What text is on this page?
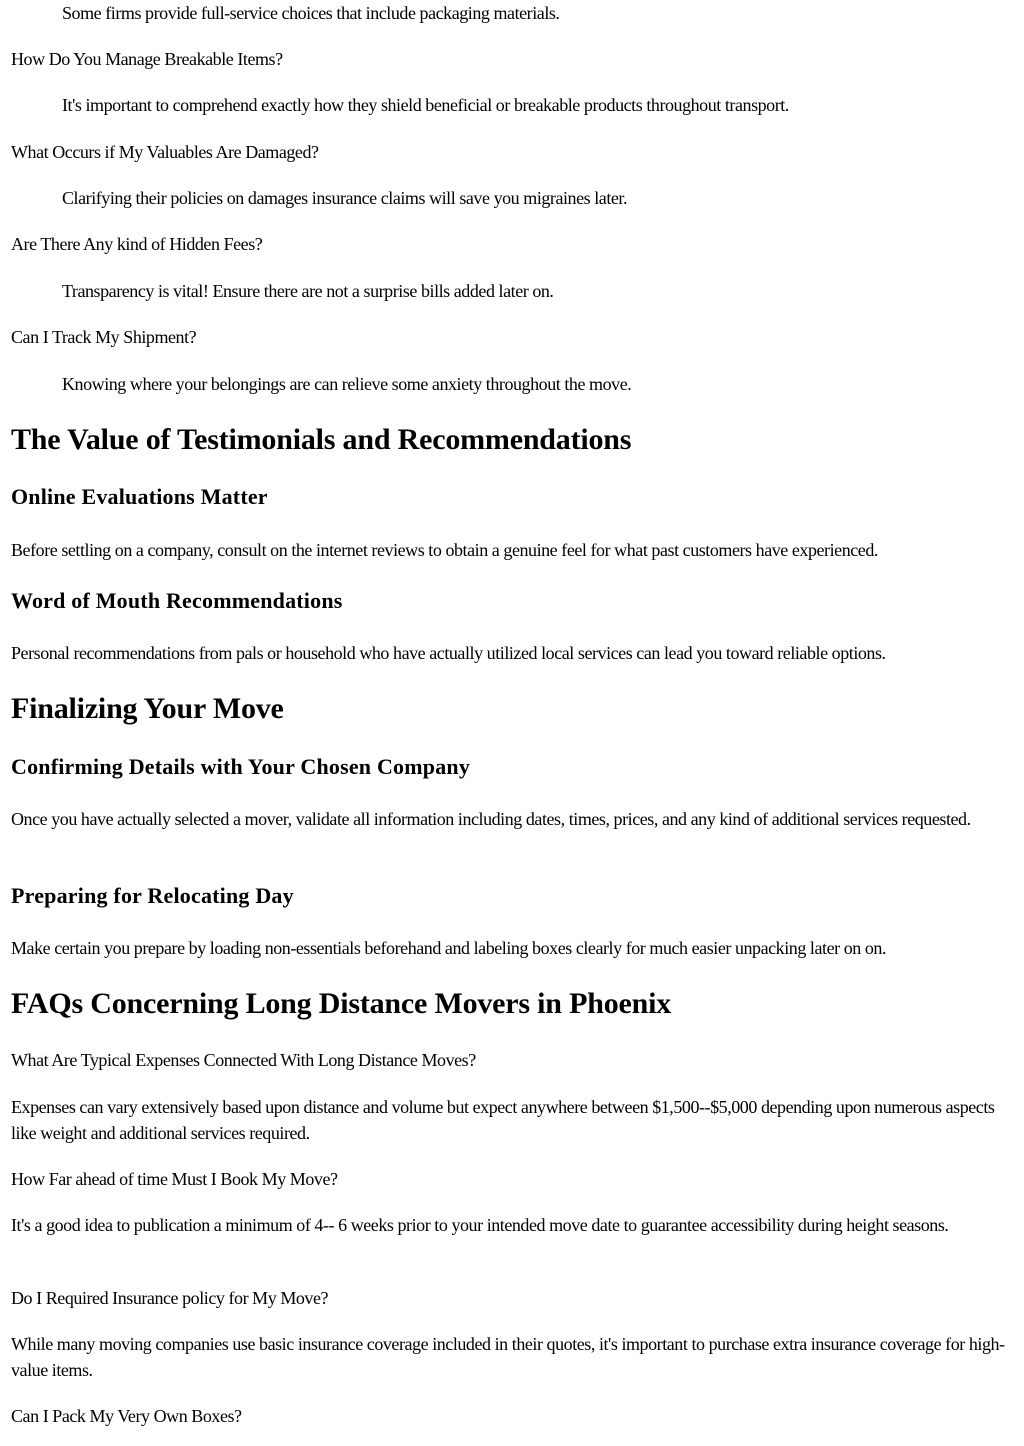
Some firms provide full-service choices that include packaging materials.

How Do You Manage Breakable Items?

It's important to comprehend exactly how they shield beneficial or breakable products throughout transport.

What Occurs if My Valuables Are Damaged?

Clarifying their policies on damages insurance claims will save you migraines later.

Are There Any kind of Hidden Fees?

Transparency is vital! Ensure there are not a surprise bills added later on.

Can I Track My Shipment?

Knowing where your belongings are can relieve some anxiety throughout the move.

The Value of Testimonials and Recommendations
Online Evaluations Matter

Before settling on a company, consult on the internet reviews to obtain a genuine feel for what past customers have experienced.

Word of Mouth Recommendations

Personal recommendations from pals or household who have actually utilized local services can lead you toward reliable options.

Finalizing Your Move
Confirming Details with Your Chosen Company

Once you have actually selected a mover, validate all information including dates, times, prices, and any kind of additional services requested.

Preparing for Relocating Day

Make certain you prepare by loading non-essentials beforehand and labeling boxes clearly for much easier unpacking later on on.

FAQs Concerning Long Distance Movers in Phoenix

What Are Typical Expenses Connected With Long Distance Moves?

Expenses can vary extensively based upon distance and volume but expect anywhere between $1,500--$5,000 depending upon numerous aspects like weight and additional services required.

How Far ahead of time Must I Book My Move?

It's a good idea to publication a minimum of 4-- 6 weeks prior to your intended move date to guarantee accessibility during height seasons.

Do I Required Insurance policy for My Move?

While many moving companies use basic insurance coverage included in their quotes, it's important to purchase extra insurance coverage for high-value items.

Can I Pack My Very Own Boxes?
